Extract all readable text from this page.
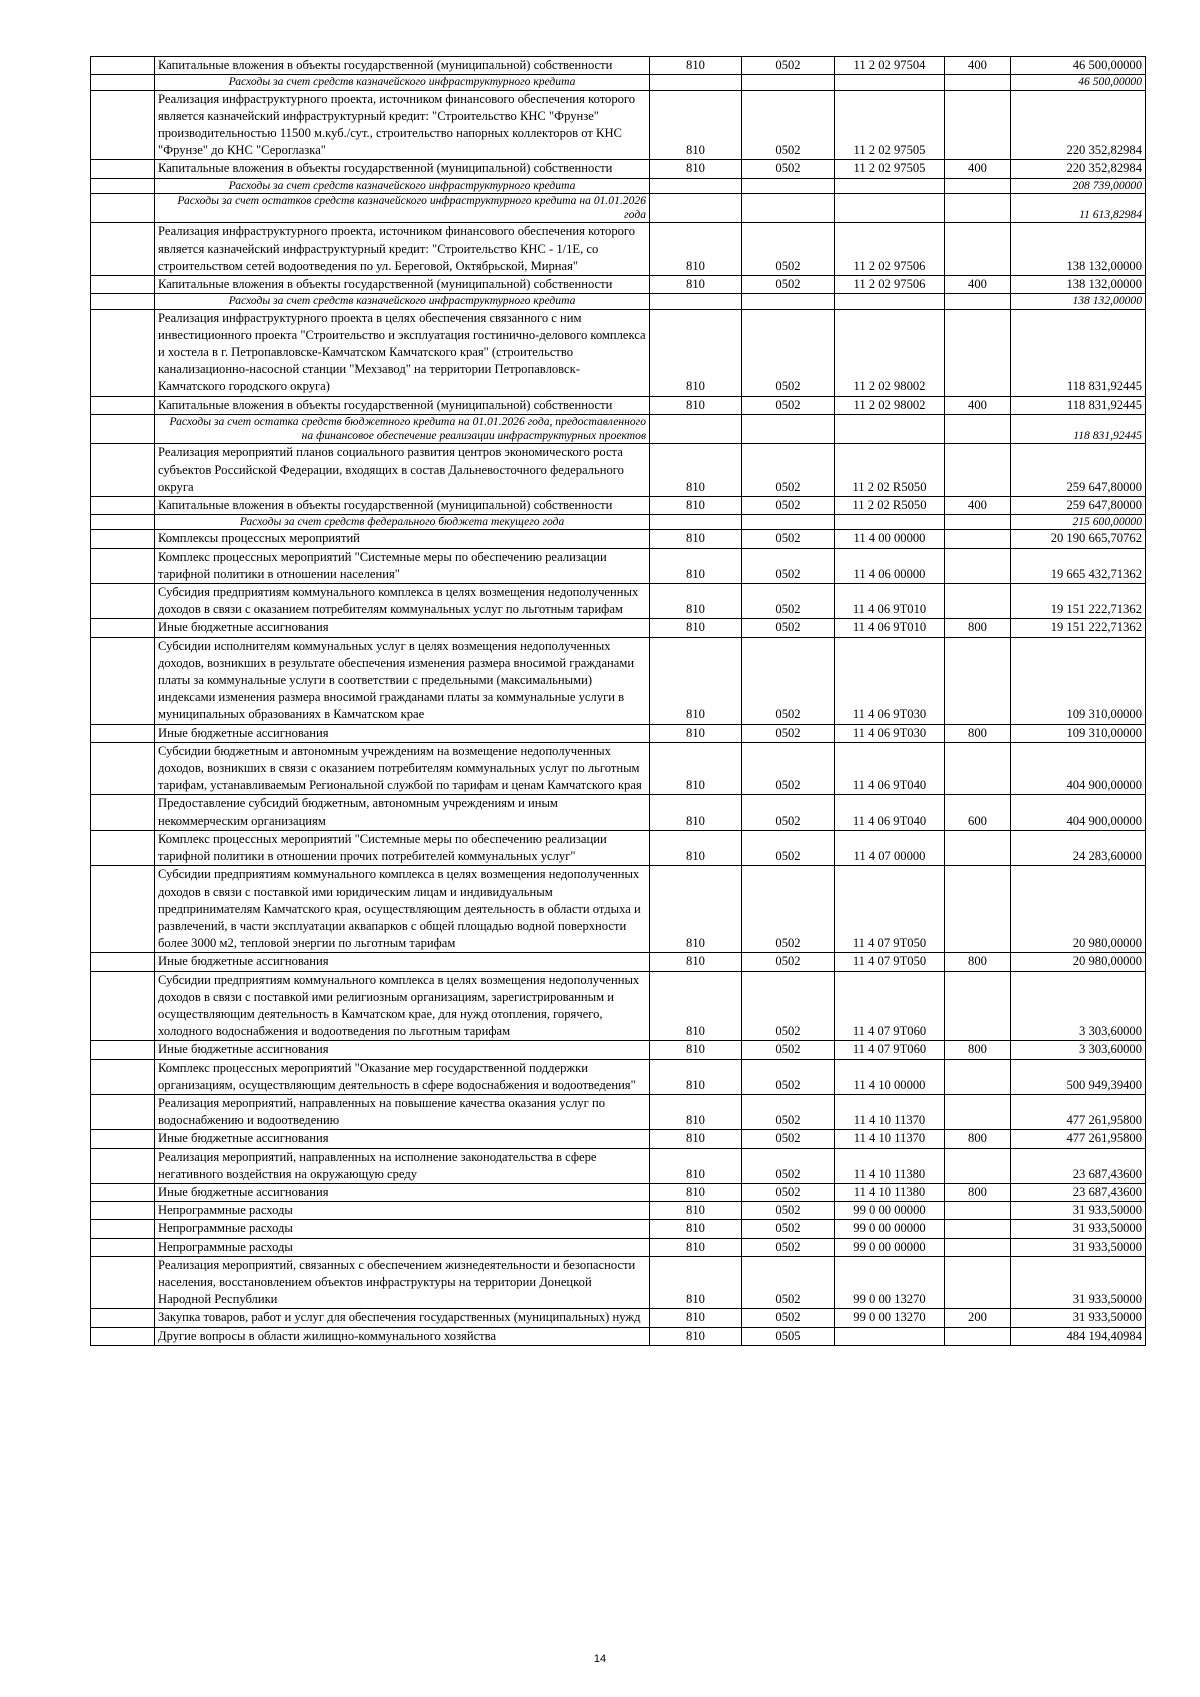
	Капитальные вложения в объекты государственной (муниципальной) собственности	810	0502	11 2 02 97504	400	46 500,00000
	Расходы за счет средств казначейского инфраструктурного кредита					46 500,00000
	Реализация инфраструктурного проекта, источником финансового обеспечения которого является казначейский инфраструктурный кредит: "Строительство КНС "Фрунзе" производительностью 11500 м.куб./сут., строительство напорных коллекторов от КНС "Фрунзе" до КНС "Сероглазка"	810	0502	11 2 02 97505		220 352,82984
	Капитальные вложения в объекты государственной (муниципальной) собственности	810	0502	11 2 02 97505	400	220 352,82984
	Расходы за счет средств казначейского инфраструктурного кредита					208 739,00000
	Расходы за счет остатков средств казначейского инфраструктурного кредита на 01.01.2026 года					11 613,82984
	Реализация инфраструктурного проекта, источником финансового обеспечения которого является казначейский инфраструктурный кредит: "Строительство КНС - 1/1Е, со строительством сетей водоотведения по ул. Береговой, Октябрьской, Мирная"	810	0502	11 2 02 97506		138 132,00000
	Капитальные вложения в объекты государственной (муниципальной) собственности	810	0502	11 2 02 97506	400	138 132,00000
	Расходы за счет средств казначейского инфраструктурного кредита					138 132,00000
	Реализация инфраструктурного проекта в целях обеспечения связанного с ним инвестиционного проекта "Строительство и эксплуатация гостинично-делового комплекса и хостела в г. Петропавловске-Камчатском Камчатского края" (строительство канализационно-насосной станции "Мехзавод" на территории Петропавловск-Камчатского городского округа)	810	0502	11 2 02 98002		118 831,92445
	Капитальные вложения в объекты государственной (муниципальной) собственности	810	0502	11 2 02 98002	400	118 831,92445
	Расходы за счет остатка средств бюджетного кредита на 01.01.2026 года, предоставленного на финансовое обеспечение реализации инфраструктурных проектов					118 831,92445
	Реализация мероприятий планов социального развития центров экономического роста субъектов Российской Федерации, входящих в состав Дальневосточного федерального округа	810	0502	11 2 02 R5050		259 647,80000
	Капитальные вложения в объекты государственной (муниципальной) собственности	810	0502	11 2 02 R5050	400	259 647,80000
	Расходы за счет средств федерального бюджета текущего года					215 600,00000
	Комплексы процессных мероприятий	810	0502	11 4 00 00000		20 190 665,70762
	Комплекс процессных мероприятий "Системные меры по обеспечению реализации тарифной политики в отношении населения"	810	0502	11 4 06 00000		19 665 432,71362
	Субсидия предприятиям коммунального комплекса в целях возмещения недополученных доходов в связи с оказанием потребителям коммунальных услуг по льготным тарифам	810	0502	11 4 06 9Т010		19 151 222,71362
	Иные бюджетные ассигнования	810	0502	11 4 06 9Т010	800	19 151 222,71362
	Субсидии исполнителям коммунальных услуг в целях возмещения недополученных доходов, возникших в результате обеспечения изменения размера вносимой гражданами платы за коммунальные услуги в соответствии с предельными (максимальными) индексами изменения размера вносимой гражданами платы за коммунальные услуги в муниципальных образованиях в Камчатском крае	810	0502	11 4 06 9Т030		109 310,00000
	Иные бюджетные ассигнования	810	0502	11 4 06 9Т030	800	109 310,00000
	Субсидии бюджетным и автономным учреждениям на возмещение недополученных доходов, возникших в связи с оказанием потребителям коммунальных услуг по льготным тарифам, устанавливаемым Региональной службой по тарифам и ценам Камчатского края	810	0502	11 4 06 9Т040		404 900,00000
	Предоставление субсидий бюджетным, автономным учреждениям и иным некоммерческим организациям	810	0502	11 4 06 9Т040	600	404 900,00000
	Комплекс процессных мероприятий "Системные меры по обеспечению реализации тарифной политики в отношении прочих потребителей коммунальных услуг"	810	0502	11 4 07 00000		24 283,60000
	Субсидии предприятиям коммунального комплекса в целях возмещения недополученных доходов в связи с поставкой ими юридическим лицам и индивидуальным предпринимателям Камчатского края, осуществляющим деятельность в области отдыха и развлечений, в части эксплуатации аквапарков с общей площадью водной поверхности более 3000 м2, тепловой энергии по льготным тарифам	810	0502	11 4 07 9Т050		20 980,00000
	Иные бюджетные ассигнования	810	0502	11 4 07 9Т050	800	20 980,00000
	Субсидии предприятиям коммунального комплекса в целях возмещения недополученных доходов в связи с поставкой ими религиозным организациям, зарегистрированным и осуществляющим деятельность в Камчатском крае, для нужд отопления, горячего, холодного водоснабжения и водоотведения по льготным тарифам	810	0502	11 4 07 9Т060		3 303,60000
	Иные бюджетные ассигнования	810	0502	11 4 07 9Т060	800	3 303,60000
	Комплекс процессных мероприятий "Оказание мер государственной поддержки организациям, осуществляющим деятельность в сфере водоснабжения и водоотведения"	810	0502	11 4 10 00000		500 949,39400
	Реализация мероприятий, направленных на повышение качества оказания услуг по водоснабжению и водоотведению	810	0502	11 4 10 11370		477 261,95800
	Иные бюджетные ассигнования	810	0502	11 4 10 11370	800	477 261,95800
	Реализация мероприятий, направленных на исполнение законодательства в сфере негативного воздействия на окружающую среду	810	0502	11 4 10 11380		23 687,43600
	Иные бюджетные ассигнования	810	0502	11 4 10 11380	800	23 687,43600
	Непрограммные расходы	810	0502	99 0 00 00000		31 933,50000
	Непрограммные расходы	810	0502	99 0 00 00000		31 933,50000
	Непрограммные расходы	810	0502	99 0 00 00000		31 933,50000
	Реализация мероприятий, связанных с обеспечением жизнедеятельности и безопасности населения, восстановлением объектов инфраструктуры на территории Донецкой Народной Республики	810	0502	99 0 00 13270		31 933,50000
	Закупка товаров, работ и услуг для обеспечения государственных (муниципальных) нужд	810	0502	99 0 00 13270	200	31 933,50000
	Другие вопросы в области жилищно-коммунального хозяйства	810	0505			484 194,40984
14
